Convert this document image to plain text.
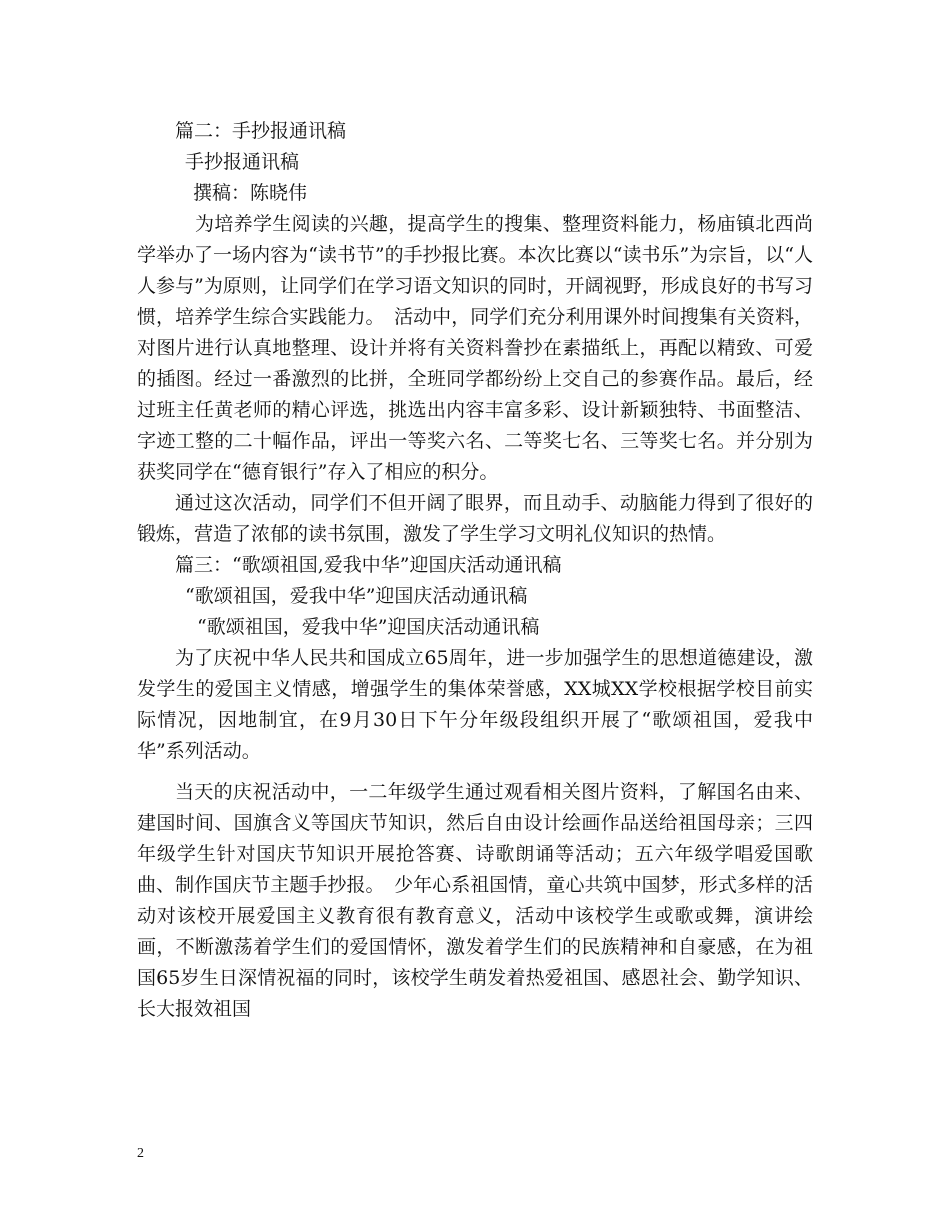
篇二：手抄报通讯稿
手抄报通讯稿
撰稿：陈晓伟

为培养学生阅读的兴趣，提高学生的搜集、整理资料能力，杨庙镇北西尚学举办了一场内容为“读书节”的手抄报比赛。本次比赛以“读书乐”为宗旨，以“人人参与”为原则，让同学们在学习语文知识的同时，开阔视野，形成良好的书写习惯，培养学生综合实践能力。　活动中，同学们充分利用课外时间搜集有关资料，对图片进行认真地整理、设计并将有关资料誊抄在素描纸上，再配以精致、可爱的插图。经过一番激烈的比拼，全班同学都纷纷上交自己的参赛作品。最后，经过班主任黄老师的精心评选，挑选出内容丰富多彩、设计新颖独特、书面整洁、字迹工整的二十幅作品，评出一等奖六名、二等奖七名、三等奖七名。并分别为获奖同学在“德育银行”存入了相应的积分。

通过这次活动，同学们不但开阔了眼界，而且动手、动脑能力得到了很好的锻炼，营造了浓郁的读书氛围，激发了学生学习文明礼仪知识的热情。

篇三：“歌颂祖国,爱我中华”迎国庆活动通讯稿
“歌颂祖国，爱我中华”迎国庆活动通讯稿
“歌颂祖国，爱我中华”迎国庆活动通讯稿

为了庆祝中华人民共和国成立65周年，进一步加强学生的思想道德建设，激发学生的爱国主义情感，增强学生的集体荣誉感，XX城XX学校根据学校目前实际情况，因地制宜，在9月30日下午分年级段组织开展了“歌颂祖国，爱我中华”系列活动。

当天的庆祝活动中，一二年级学生通过观看相关图片资料，了解国名由来、建国时间、国旗含义等国庆节知识，然后自由设计绘画作品送给祖国母亲；三四年级学生针对国庆节知识开展抢答赛、诗歌朗诵等活动；五六年级学唱爱国歌曲、制作国庆节主题手抄报。　少年心系祖国情，童心共筑中国梦，形式多样的活动对该校开展爱国主义教育很有教育意义，活动中该校学生或歌或舞，演讲绘画，不断激荡着学生们的爱国情怀，激发着学生们的民族精神和自豪感，在为祖国65岁生日深情祝福的同时，该校学生萌发着热爱祖国、感恩社会、勤学知识、长大报效祖国

2
